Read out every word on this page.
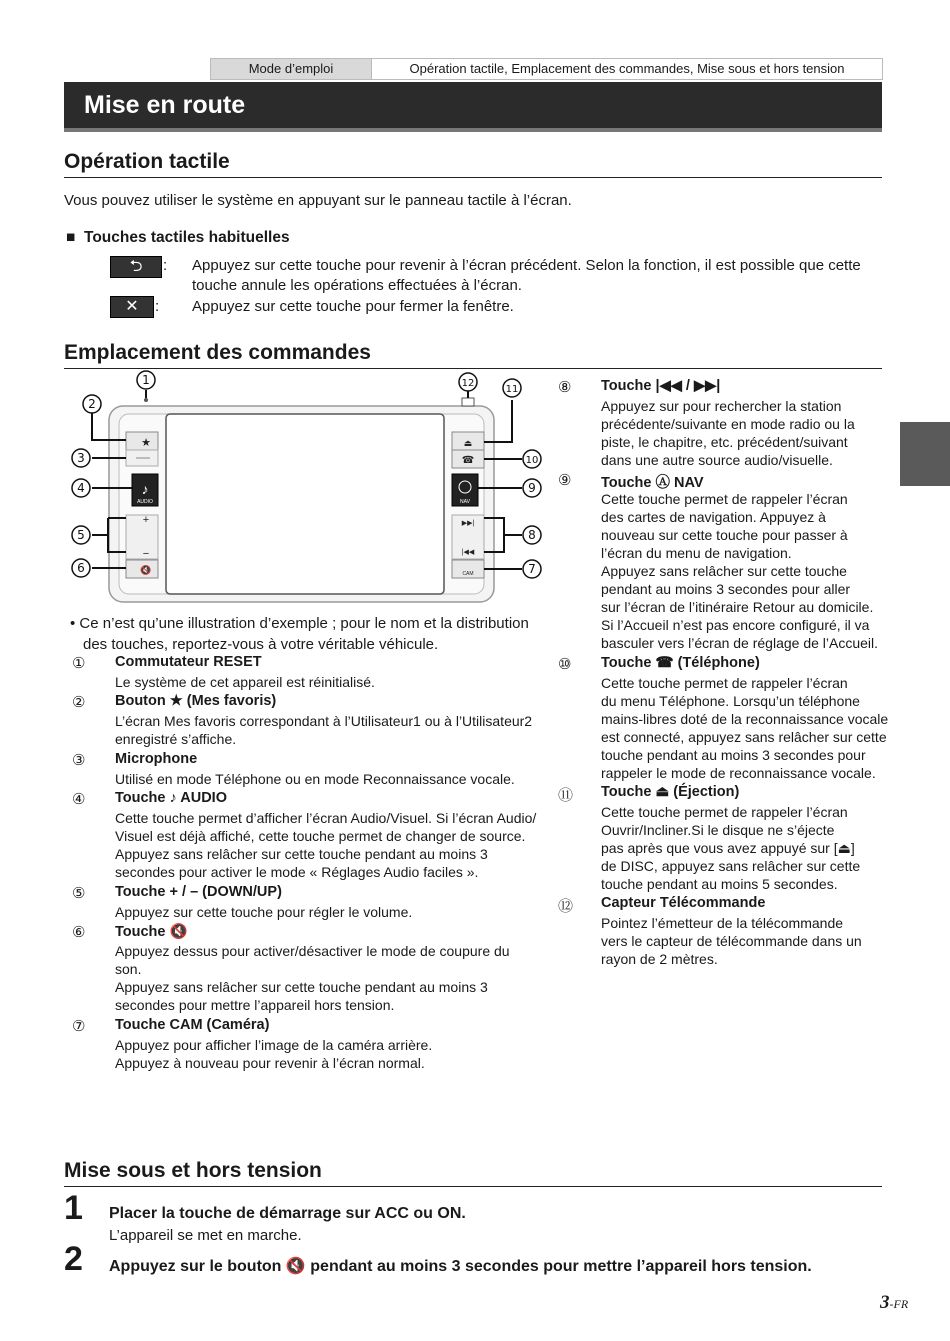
Mode d’emploi	Opération tactile, Emplacement des commandes, Mise sous et hors tension
Mise en route
Opération tactile
Vous pouvez utiliser le système en appuyant sur le panneau tactile à l’écran.
■ Touches tactiles habituelles
⮌	: Appuyez sur cette touche pour revenir à l’écran précédent. Selon la fonction, il est possible que cette
touche annule les opérations effectuées à l’écran.
✕	: Appuyez sur cette touche pour fermer la fenêtre.
Emplacement des commandes
★
♪
AUDIO
+
−
🔇
⏏
☎
NAV
▶▶|
|◀◀
CAM
1
2
3
4
5
6
12
11
10
9
8
7
• Ce n’est qu’une illustration d’exemple ; pour le nom et la distribution
des touches, reportez-vous à votre véritable véhicule.
① Commutateur RESET
Le système de cet appareil est réinitialisé.
② Bouton ★ (Mes favoris)
L’écran Mes favoris correspondant à l’Utilisateur1 ou à l’Utilisateur2
enregistré s’affiche.
③ Microphone
Utilisé en mode Téléphone ou en mode Reconnaissance vocale.
④ Touche ♪ AUDIO
Cette touche permet d’afficher l’écran Audio/Visuel. Si l’écran Audio/
Visuel est déjà affiché, cette touche permet de changer de source.
Appuyez sans relâcher sur cette touche pendant au moins 3
secondes pour activer le mode « Réglages Audio faciles ».
⑤ Touche + / – (DOWN/UP)
Appuyez sur cette touche pour régler le volume.
⑥ Touche 🔇
Appuyez dessus pour activer/désactiver le mode de coupure du
son.
Appuyez sans relâcher sur cette touche pendant au moins 3
secondes pour mettre l’appareil hors tension.
⑦ Touche CAM (Caméra)
Appuyez pour afficher l’image de la caméra arrière.
Appuyez à nouveau pour revenir à l’écran normal.
⑧ Touche |◀◀ / ▶▶|
Appuyez sur pour rechercher la station
précédente/suivante en mode radio ou la
piste, le chapitre, etc. précédent/suivant
dans une autre source audio/visuelle.
⑨ Touche Ⓐ NAV
Cette touche permet de rappeler l’écran
des cartes de navigation. Appuyez à
nouveau sur cette touche pour passer à
l’écran du menu de navigation.
Appuyez sans relâcher sur cette touche
pendant au moins 3 secondes pour aller
sur l’écran de l’itinéraire Retour au domicile.
Si l’Accueil n’est pas encore configuré, il va
basculer vers l’écran de réglage de l’Accueil.
⑩ Touche ☎ (Téléphone)
Cette touche permet de rappeler l’écran
du menu Téléphone. Lorsqu’un téléphone
mains-libres doté de la reconnaissance vocale
est connecté, appuyez sans relâcher sur cette
touche pendant au moins 3 secondes pour
rappeler le mode de reconnaissance vocale.
⑪ Touche ⏏ (Éjection)
Cette touche permet de rappeler l’écran
Ouvrir/Incliner.Si le disque ne s’éjecte
pas après que vous avez appuyé sur [⏏]
de DISC, appuyez sans relâcher sur cette
touche pendant au moins 5 secondes.
⑫ Capteur Télécommande
Pointez l’émetteur de la télécommande
vers le capteur de télécommande dans un
rayon de 2 mètres.
Mise sous et hors tension
1 Placer la touche de démarrage sur ACC ou ON.
L’appareil se met en marche.
2 Appuyez sur le bouton 🔇 pendant au moins 3 secondes pour mettre l’appareil hors tension.
3-FR
